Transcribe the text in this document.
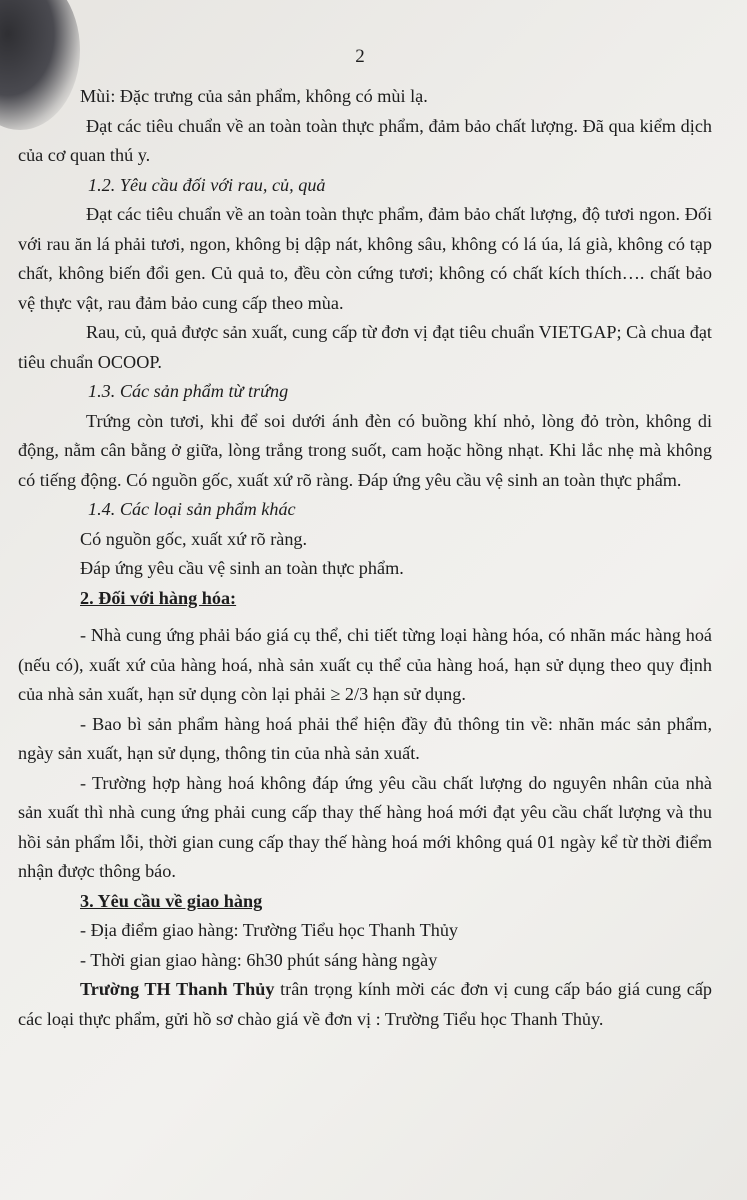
2

Mùi: Đặc trưng của sản phẩm, không có mùi lạ.

Đạt các tiêu chuẩn về an toàn toàn thực phẩm, đảm bảo chất lượng. Đã qua kiểm dịch của cơ quan thú y.

1.2. Yêu cầu đối với rau, củ, quả

Đạt các tiêu chuẩn về an toàn toàn thực phẩm, đảm bảo chất lượng, độ tươi ngon. Đối với rau ăn lá phải tươi, ngon, không bị dập nát, không sâu, không có lá úa, lá già, không có tạp chất, không biến đổi gen. Củ quả to, đều còn cứng tươi; không có chất kích thích…. chất bảo vệ thực vật, rau đảm bảo cung cấp theo mùa.

Rau, củ, quả được sản xuất, cung cấp từ đơn vị đạt tiêu chuẩn VIETGAP; Cà chua đạt tiêu chuẩn OCOOP.

1.3. Các sản phẩm từ trứng

Trứng còn tươi, khi để soi dưới ánh đèn có buồng khí nhỏ, lòng đỏ tròn, không di động, nằm cân bằng ở giữa, lòng trắng trong suốt, cam hoặc hồng nhạt. Khi lắc nhẹ mà không có tiếng động. Có nguồn gốc, xuất xứ rõ ràng. Đáp ứng yêu cầu vệ sinh an toàn thực phẩm.

1.4. Các loại sản phẩm khác

Có nguồn gốc, xuất xứ rõ ràng.

Đáp ứng yêu cầu vệ sinh an toàn thực phẩm.

2. Đối với hàng hóa:

- Nhà cung ứng phải báo giá cụ thể, chi tiết từng loại hàng hóa, có nhãn mác hàng hoá (nếu có), xuất xứ của hàng hoá, nhà sản xuất cụ thể của hàng hoá, hạn sử dụng theo quy định của nhà sản xuất, hạn sử dụng còn lại phải ≥ 2/3 hạn sử dụng.

- Bao bì sản phẩm hàng hoá phải thể hiện đầy đủ thông tin về: nhãn mác sản phẩm, ngày sản xuất, hạn sử dụng, thông tin của nhà sản xuất.

- Trường hợp hàng hoá không đáp ứng yêu cầu chất lượng do nguyên nhân của nhà sản xuất thì nhà cung ứng phải cung cấp thay thế hàng hoá mới đạt yêu cầu chất lượng và thu hồi sản phẩm lỗi, thời gian cung cấp thay thế hàng hoá mới không quá 01 ngày kể từ thời điểm nhận được thông báo.

3. Yêu cầu về giao hàng

- Địa điểm giao hàng: Trường Tiểu học Thanh Thủy

- Thời gian giao hàng: 6h30 phút sáng hàng ngày

Trường TH Thanh Thủy trân trọng kính mời các đơn vị cung cấp báo giá cung cấp các loại thực phẩm, gửi hồ sơ chào giá về đơn vị : Trường Tiểu học Thanh Thủy.
